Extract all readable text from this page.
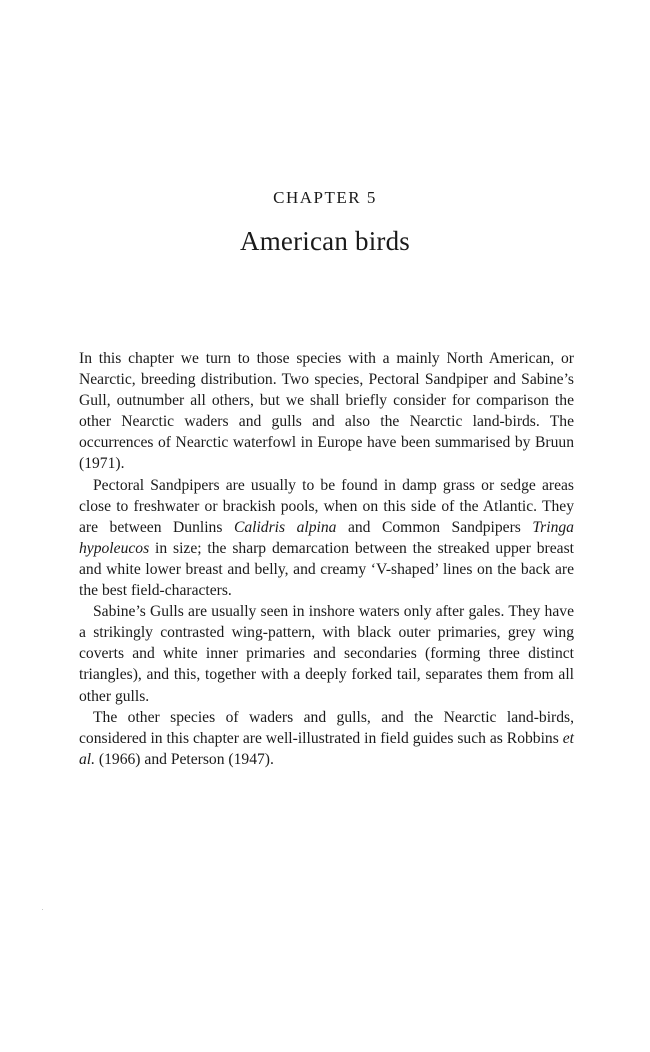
CHAPTER 5
American birds

In this chapter we turn to those species with a mainly North American, or Nearctic, breeding distribution. Two species, Pectoral Sandpiper and Sabine’s Gull, outnumber all others, but we shall briefly consider for comparison the other Nearctic waders and gulls and also the Nearctic land-birds. The occurrences of Nearctic waterfowl in Europe have been summarised by Bruun (1971).

Pectoral Sandpipers are usually to be found in damp grass or sedge areas close to freshwater or brackish pools, when on this side of the Atlantic. They are between Dunlins Calidris alpina and Common Sandpipers Tringa hypoleucos in size; the sharp demarcation between the streaked upper breast and white lower breast and belly, and creamy ‘V-shaped’ lines on the back are the best field-characters.

Sabine’s Gulls are usually seen in inshore waters only after gales. They have a strikingly contrasted wing-pattern, with black outer primaries, grey wing coverts and white inner primaries and secondaries (forming three distinct triangles), and this, together with a deeply forked tail, separates them from all other gulls.

The other species of waders and gulls, and the Nearctic land-birds, considered in this chapter are well-illustrated in field guides such as Robbins et al. (1966) and Peterson (1947).
